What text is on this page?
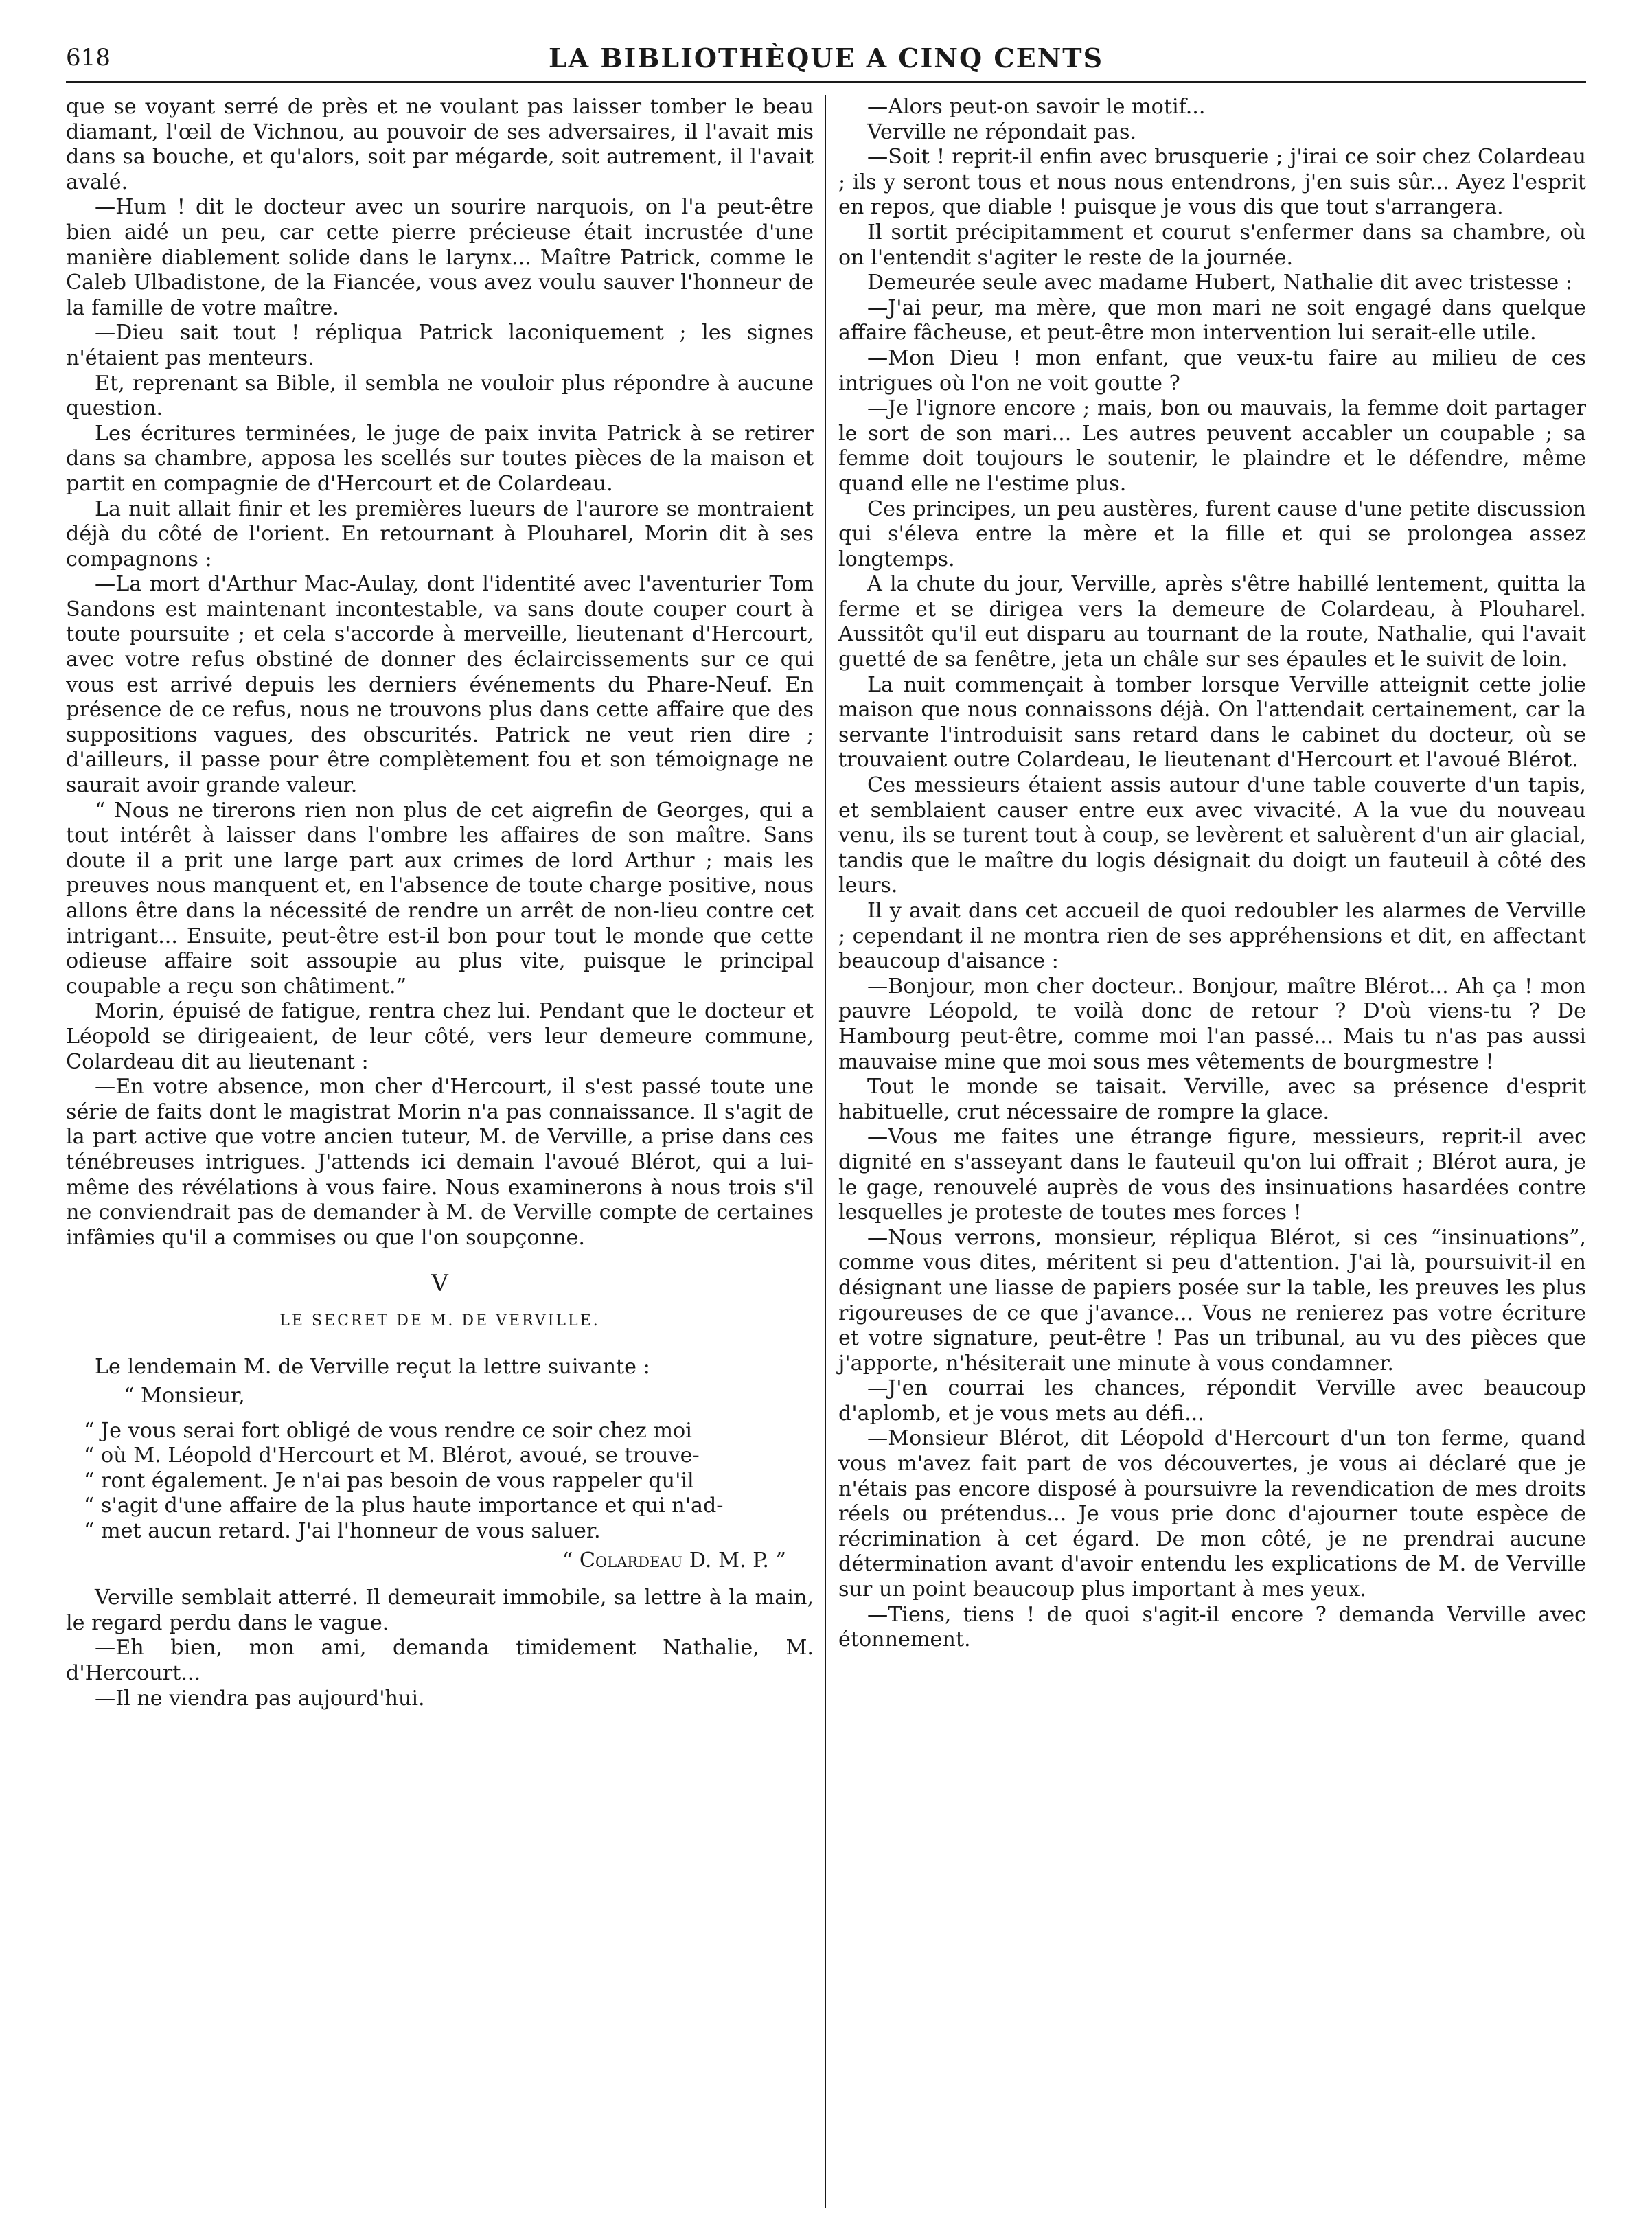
618	LA BIBLIOTHÈQUE A CINQ CENTS

que se voyant serré de près et ne voulant pas laisser tomber le beau diamant, l'œil de Vichnou, au pouvoir de ses adversaires, il l'avait mis dans sa bouche, et qu'alors, soit par mégarde, soit autrement, il l'avait avalé.

—Hum ! dit le docteur avec un sourire narquois, on l'a peut-être bien aidé un peu, car cette pierre précieuse était incrustée d'une manière diablement solide dans le larynx... Maître Patrick, comme le Caleb Ulbadistone, de la Fiancée, vous avez voulu sauver l'honneur de la famille de votre maître.

—Dieu sait tout ! répliqua Patrick laconiquement ; les signes n'étaient pas menteurs.

Et, reprenant sa Bible, il sembla ne vouloir plus répondre à aucune question.

Les écritures terminées, le juge de paix invita Patrick à se retirer dans sa chambre, apposa les scellés sur toutes pièces de la maison et partit en compagnie de d'Hercourt et de Colardeau.

La nuit allait finir et les premières lueurs de l'aurore se montraient déjà du côté de l'orient. En retournant à Plouharel, Morin dit à ses compagnons :

—La mort d'Arthur Mac-Aulay, dont l'identité avec l'aventurier Tom Sandons est maintenant incontestable, va sans doute couper court à toute poursuite ; et cela s'accorde à merveille, lieutenant d'Hercourt, avec votre refus obstiné de donner des éclaircissements sur ce qui vous est arrivé depuis les derniers événements du Phare-Neuf. En présence de ce refus, nous ne trouvons plus dans cette affaire que des suppositions vagues, des obscurités. Patrick ne veut rien dire ; d'ailleurs, il passe pour être complètement fou et son témoignage ne saurait avoir grande valeur.

“ Nous ne tirerons rien non plus de cet aigrefin de Georges, qui a tout intérêt à laisser dans l'ombre les affaires de son maître. Sans doute il a prit une large part aux crimes de lord Arthur ; mais les preuves nous manquent et, en l'absence de toute charge positive, nous allons être dans la nécessité de rendre un arrêt de non-lieu contre cet intrigant... Ensuite, peut-être est-il bon pour tout le monde que cette odieuse affaire soit assoupie au plus vite, puisque le principal coupable a reçu son châtiment.”

Morin, épuisé de fatigue, rentra chez lui. Pendant que le docteur et Léopold se dirigeaient, de leur côté, vers leur demeure commune, Colardeau dit au lieutenant :

—En votre absence, mon cher d'Hercourt, il s'est passé toute une série de faits dont le magistrat Morin n'a pas connaissance. Il s'agit de la part active que votre ancien tuteur, M. de Verville, a prise dans ces ténébreuses intrigues. J'attends ici demain l'avoué Blérot, qui a lui-même des révélations à vous faire. Nous examinerons à nous trois s'il ne conviendrait pas de demander à M. de Verville compte de certaines infâmies qu'il a commises ou que l'on soupçonne.

V

LE SECRET DE M. DE VERVILLE.

Le lendemain M. de Verville reçut la lettre suivante :

“ Monsieur,

“ Je vous serai fort obligé de vous rendre ce soir chez moi

“ où M. Léopold d'Hercourt et M. Blérot, avoué, se trouve-

“ ront également. Je n'ai pas besoin de vous rappeler qu'il

“ s'agit d'une affaire de la plus haute importance et qui n'ad-

“ met aucun retard. J'ai l'honneur de vous saluer.

“ Colardeau D. M. P. ”

Verville semblait atterré. Il demeurait immobile, sa lettre à la main, le regard perdu dans le vague.

—Eh bien, mon ami, demanda timidement Nathalie, M. d'Hercourt...

—Il ne viendra pas aujourd'hui.

—Alors peut-on savoir le motif...

Verville ne répondait pas.

—Soit ! reprit-il enfin avec brusquerie ; j'irai ce soir chez Colardeau ; ils y seront tous et nous nous entendrons, j'en suis sûr... Ayez l'esprit en repos, que diable ! puisque je vous dis que tout s'arrangera.

Il sortit précipitamment et courut s'enfermer dans sa chambre, où on l'entendit s'agiter le reste de la journée.

Demeurée seule avec madame Hubert, Nathalie dit avec tristesse :

—J'ai peur, ma mère, que mon mari ne soit engagé dans quelque affaire fâcheuse, et peut-être mon intervention lui serait-elle utile.

—Mon Dieu ! mon enfant, que veux-tu faire au milieu de ces intrigues où l'on ne voit goutte ?

—Je l'ignore encore ; mais, bon ou mauvais, la femme doit partager le sort de son mari... Les autres peuvent accabler un coupable ; sa femme doit toujours le soutenir, le plaindre et le défendre, même quand elle ne l'estime plus.

Ces principes, un peu austères, furent cause d'une petite discussion qui s'éleva entre la mère et la fille et qui se prolongea assez longtemps.

A la chute du jour, Verville, après s'être habillé lentement, quitta la ferme et se dirigea vers la demeure de Colardeau, à Plouharel. Aussitôt qu'il eut disparu au tournant de la route, Nathalie, qui l'avait guetté de sa fenêtre, jeta un châle sur ses épaules et le suivit de loin.

La nuit commençait à tomber lorsque Verville atteignit cette jolie maison que nous connaissons déjà. On l'attendait certainement, car la servante l'introduisit sans retard dans le cabinet du docteur, où se trouvaient outre Colardeau, le lieutenant d'Hercourt et l'avoué Blérot.

Ces messieurs étaient assis autour d'une table couverte d'un tapis, et semblaient causer entre eux avec vivacité. A la vue du nouveau venu, ils se turent tout à coup, se levèrent et saluèrent d'un air glacial, tandis que le maître du logis désignait du doigt un fauteuil à côté des leurs.

Il y avait dans cet accueil de quoi redoubler les alarmes de Verville ; cependant il ne montra rien de ses appréhensions et dit, en affectant beaucoup d'aisance :

—Bonjour, mon cher docteur.. Bonjour, maître Blérot... Ah ça ! mon pauvre Léopold, te voilà donc de retour ? D'où viens-tu ? De Hambourg peut-être, comme moi l'an passé... Mais tu n'as pas aussi mauvaise mine que moi sous mes vêtements de bourgmestre !

Tout le monde se taisait. Verville, avec sa présence d'esprit habituelle, crut nécessaire de rompre la glace.

—Vous me faites une étrange figure, messieurs, reprit-il avec dignité en s'asseyant dans le fauteuil qu'on lui offrait ; Blérot aura, je le gage, renouvelé auprès de vous des insinuations hasardées contre lesquelles je proteste de toutes mes forces !

—Nous verrons, monsieur, répliqua Blérot, si ces “insinuations”, comme vous dites, méritent si peu d'attention. J'ai là, poursuivit-il en désignant une liasse de papiers posée sur la table, les preuves les plus rigoureuses de ce que j'avance... Vous ne renierez pas votre écriture et votre signature, peut-être ! Pas un tribunal, au vu des pièces que j'apporte, n'hésiterait une minute à vous condamner.

—J'en courrai les chances, répondit Verville avec beaucoup d'aplomb, et je vous mets au défi...

—Monsieur Blérot, dit Léopold d'Hercourt d'un ton ferme, quand vous m'avez fait part de vos découvertes, je vous ai déclaré que je n'étais pas encore disposé à poursuivre la revendication de mes droits réels ou prétendus... Je vous prie donc d'ajourner toute espèce de récrimination à cet égard. De mon côté, je ne prendrai aucune détermination avant d'avoir entendu les explications de M. de Verville sur un point beaucoup plus important à mes yeux.

—Tiens, tiens ! de quoi s'agit-il encore ? demanda Verville avec étonnement.
